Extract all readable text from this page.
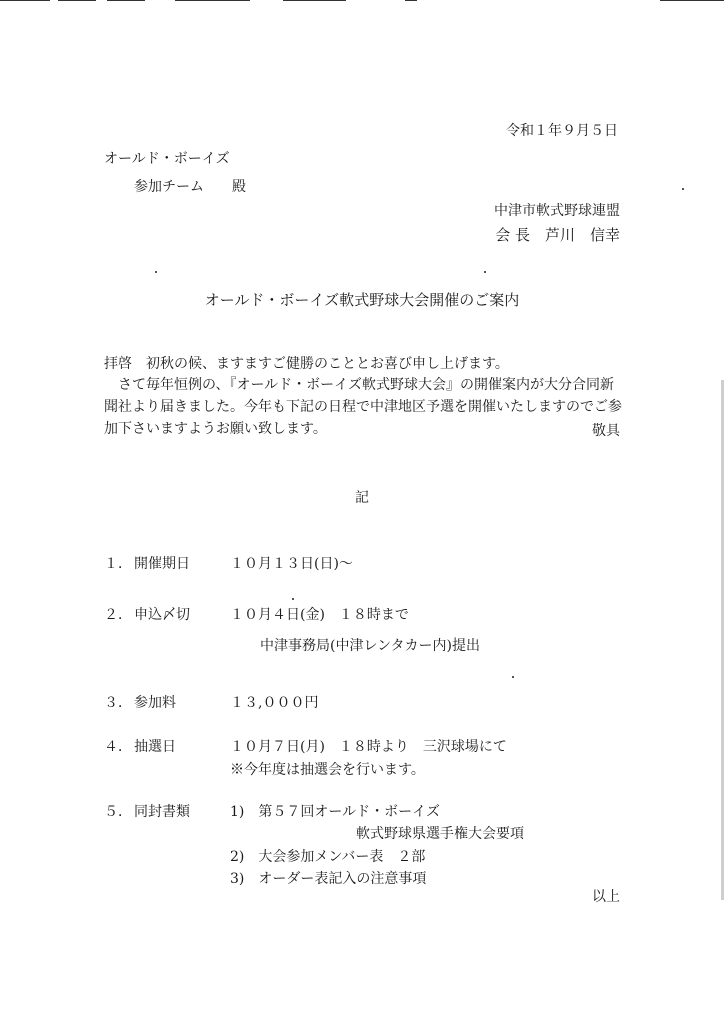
令和１年９月５日
オールド・ボーイズ
参加チーム　　殿
中津市軟式野球連盟
会 長　芦川　信幸
オールド・ボーイズ軟式野球大会開催のご案内
拝啓　初秋の候、ますますご健勝のこととお喜び申し上げます。
さて毎年恒例の、『オールド・ボーイズ軟式野球大会』の開催案内が大分合同新聞社より届きました。今年も下記の日程で中津地区予選を開催いたしますのでご参加下さいますようお願い致します。	敬具
記
１． 開催期日	１０月１３日(日)～
２． 申込〆切	１０月４日(金)　１８時まで
中津事務局(中津レンタカー内)提出
３． 参加料	１３,０００円
４． 抽選日	１０月７日(月)　１８時より　三沢球場にて
※今年度は抽選会を行います。
５． 同封書類	1)　第５７回オールド・ボーイズ
軟式野球県選手権大会要項
2)　大会参加メンバー表　２部
3)　オーダー表記入の注意事項
以上
